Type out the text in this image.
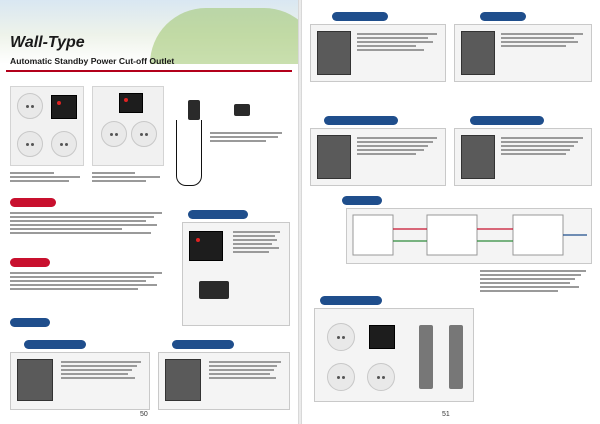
Wall-Type
Automatic Standby Power Cut-off Outlet
50	51
